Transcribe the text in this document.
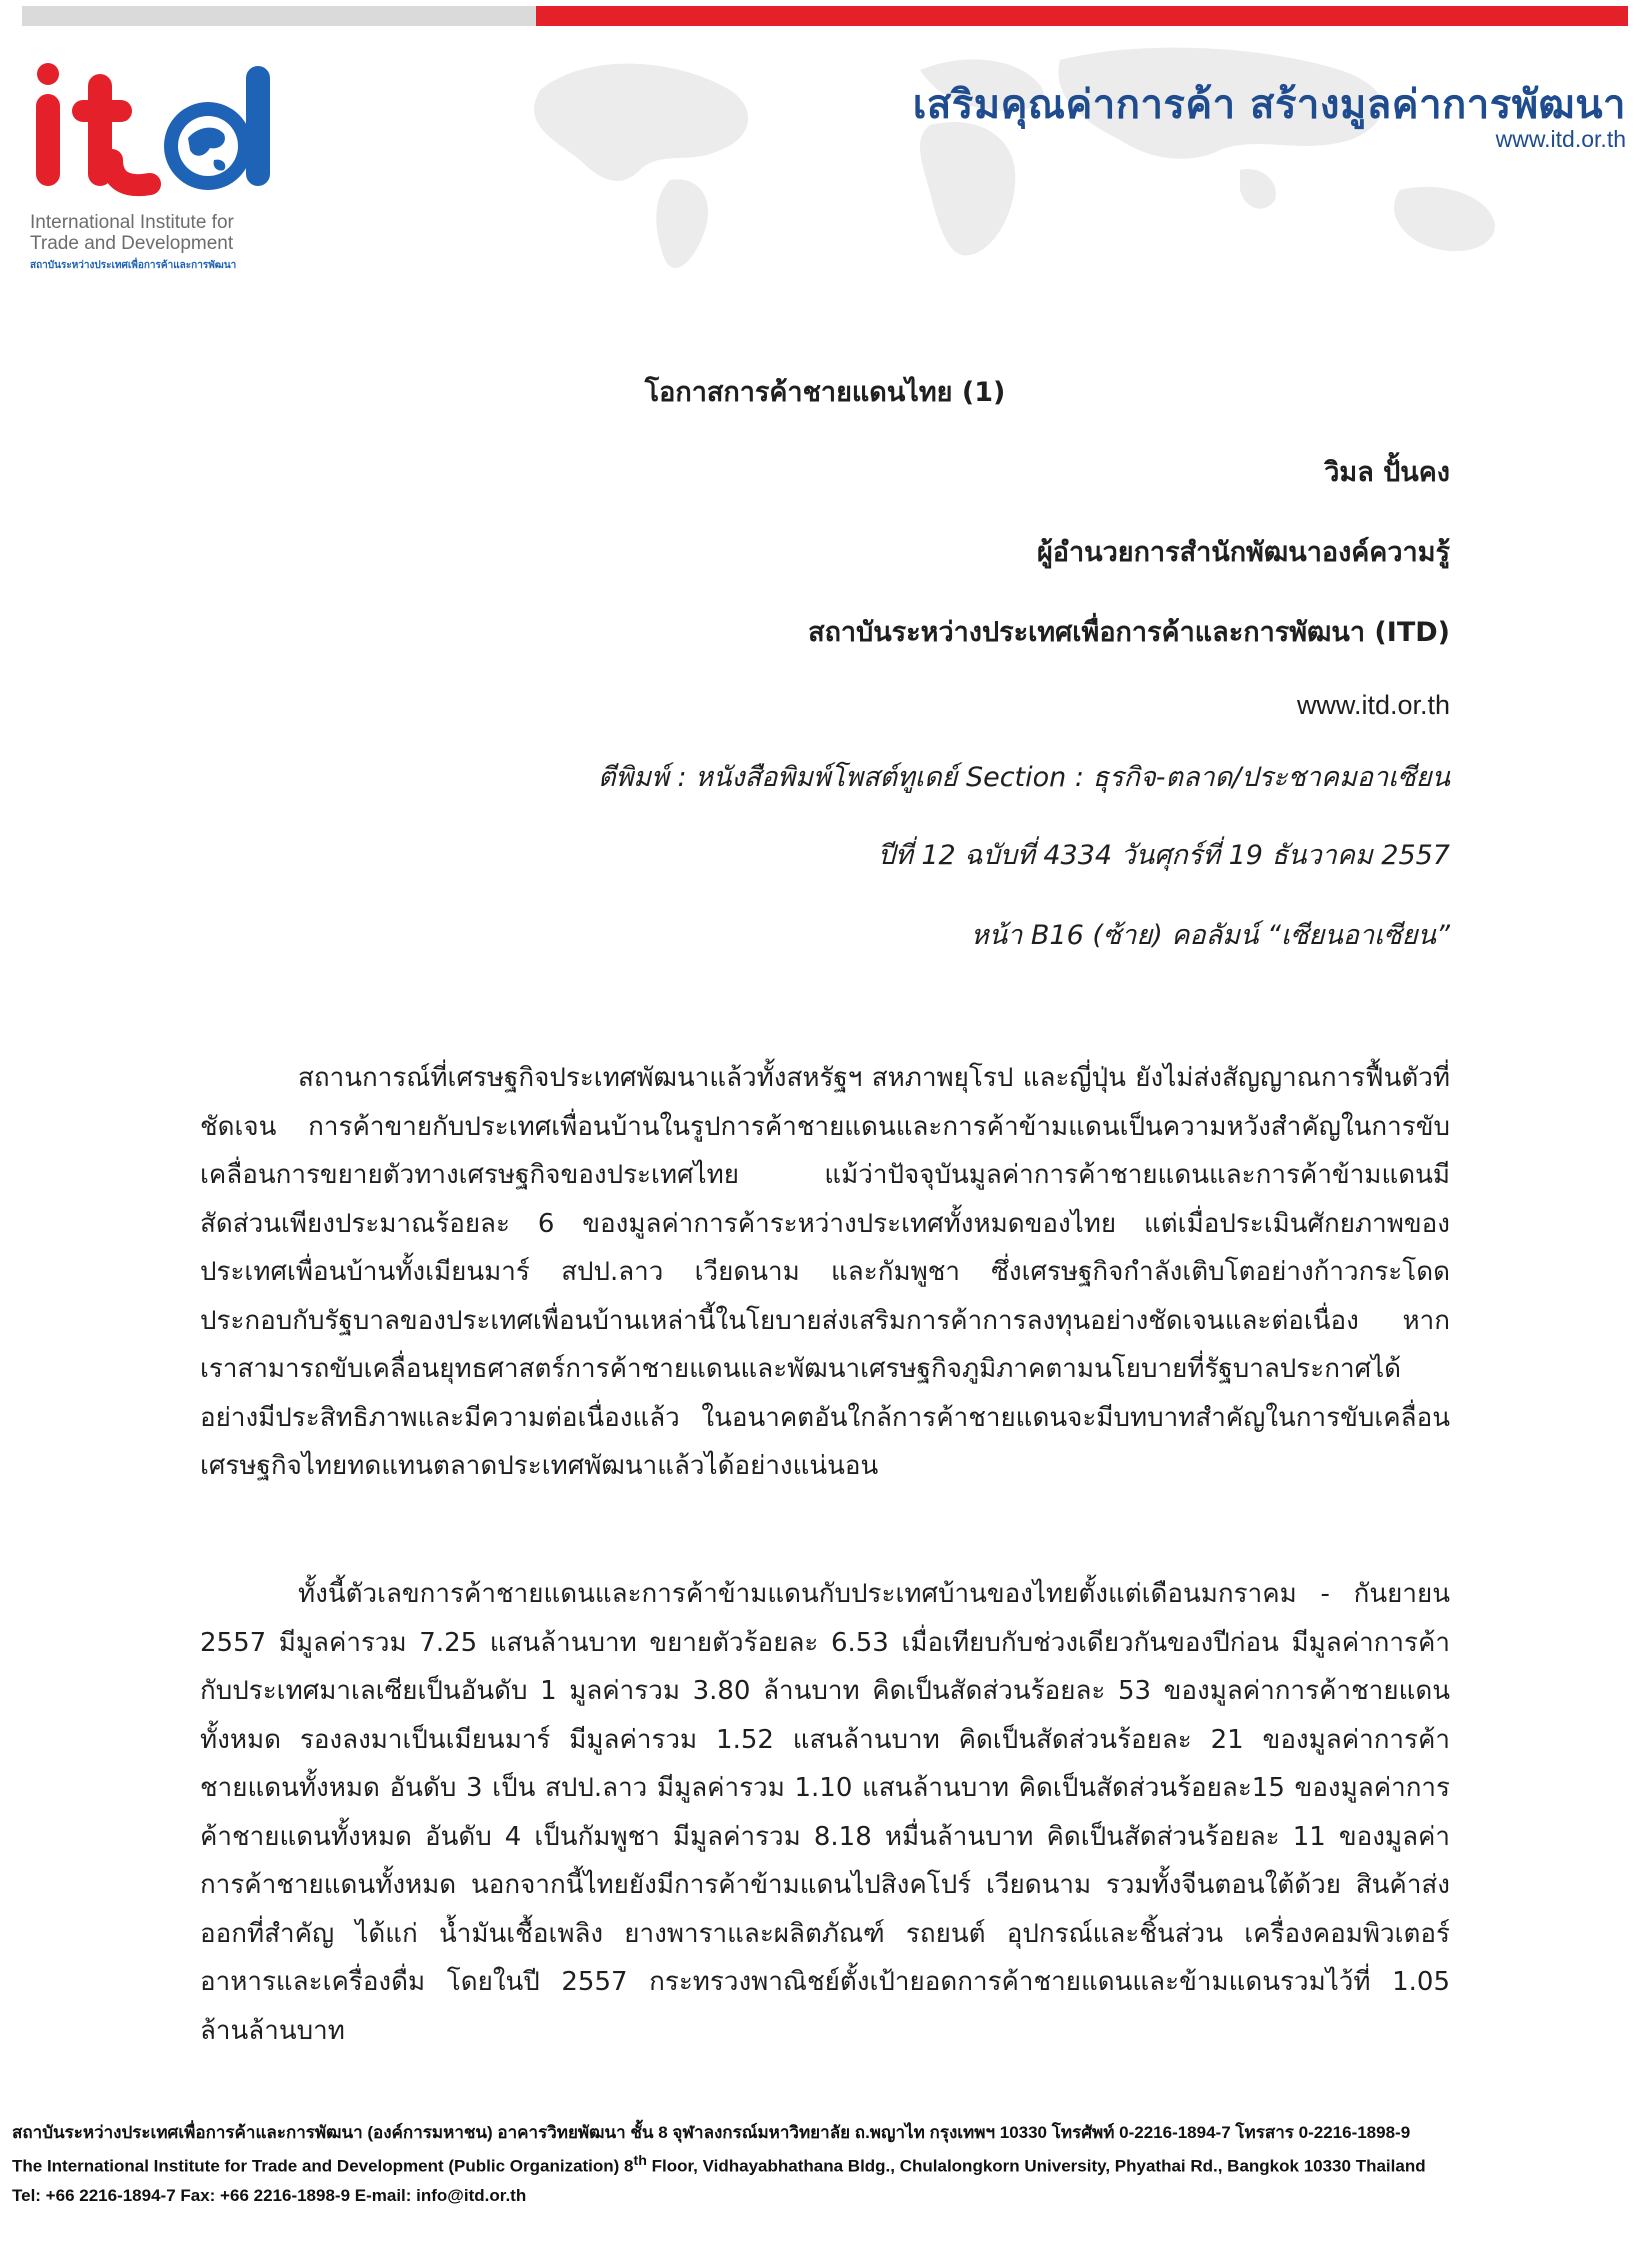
International Institute for
Trade and Development
สถาบันระหว่างประเทศเพื่อการค้าและการพัฒนา
เสริมคุณค่าการค้า สร้างมูลค่าการพัฒนา
www.itd.or.th
โอกาสการค้าชายแดนไทย (1)
วิมล ปั้นคง
ผู้อำนวยการสำนักพัฒนาองค์ความรู้
สถาบันระหว่างประเทศเพื่อการค้าและการพัฒนา (ITD)
www.itd.or.th
ตีพิมพ์ : หนังสือพิมพ์โพสต์ทูเดย์ Section : ธุรกิจ-ตลาด/ประชาคมอาเซียน
ปีที่ 12 ฉบับที่ 4334 วันศุกร์ที่ 19 ธันวาคม 2557
หน้า B16 (ซ้าย) คอลัมน์ “เซียนอาเซียน”
สถานการณ์ที่เศรษฐกิจประเทศพัฒนาแล้วทั้งสหรัฐฯ สหภาพยุโรป และญี่ปุ่น ยังไม่ส่งสัญญาณการฟื้นตัวที่ชัดเจน การค้าขายกับประเทศเพื่อนบ้านในรูปการค้าชายแดนและการค้าข้ามแดนเป็นความหวังสำคัญในการขับเคลื่อนการขยายตัวทางเศรษฐกิจของประเทศไทย แม้ว่าปัจจุบันมูลค่าการค้าชายแดนและการค้าข้ามแดนมีสัดส่วนเพียงประมาณร้อยละ 6 ของมูลค่าการค้าระหว่างประเทศทั้งหมดของไทย แต่เมื่อประเมินศักยภาพของประเทศเพื่อนบ้านทั้งเมียนมาร์ สปป.ลาว เวียดนาม และกัมพูชา ซึ่งเศรษฐกิจกำลังเติบโตอย่างก้าวกระโดด ประกอบกับรัฐบาลของประเทศเพื่อนบ้านเหล่านี้ในโยบายส่งเสริมการค้าการลงทุนอย่างชัดเจนและต่อเนื่อง หากเราสามารถขับเคลื่อนยุทธศาสตร์การค้าชายแดนและพัฒนาเศรษฐกิจภูมิภาคตามนโยบายที่รัฐบาลประกาศได้อย่างมีประสิทธิภาพและมีความต่อเนื่องแล้ว ในอนาคตอันใกล้การค้าชายแดนจะมีบทบาทสำคัญในการขับเคลื่อนเศรษฐกิจไทยทดแทนตลาดประเทศพัฒนาแล้วได้อย่างแน่นอน
ทั้งนี้ตัวเลขการค้าชายแดนและการค้าข้ามแดนกับประเทศบ้านของไทยตั้งแต่เดือนมกราคม - กันยายน 2557 มีมูลค่ารวม 7.25 แสนล้านบาท ขยายตัวร้อยละ 6.53 เมื่อเทียบกับช่วงเดียวกันของปีก่อน มีมูลค่าการค้ากับประเทศมาเลเซียเป็นอันดับ 1 มูลค่ารวม 3.80 ล้านบาท คิดเป็นสัดส่วนร้อยละ 53 ของมูลค่าการค้าชายแดนทั้งหมด รองลงมาเป็นเมียนมาร์ มีมูลค่ารวม 1.52 แสนล้านบาท คิดเป็นสัดส่วนร้อยละ 21 ของมูลค่าการค้าชายแดนทั้งหมด อันดับ 3 เป็น สปป.ลาว มีมูลค่ารวม 1.10 แสนล้านบาท คิดเป็นสัดส่วนร้อยละ15 ของมูลค่าการค้าชายแดนทั้งหมด อันดับ 4 เป็นกัมพูชา มีมูลค่ารวม 8.18 หมื่นล้านบาท คิดเป็นสัดส่วนร้อยละ 11 ของมูลค่าการค้าชายแดนทั้งหมด นอกจากนี้ไทยยังมีการค้าข้ามแดนไปสิงคโปร์ เวียดนาม รวมทั้งจีนตอนใต้ด้วย สินค้าส่งออกที่สำคัญ ได้แก่ น้ำมันเชื้อเพลิง ยางพาราและผลิตภัณฑ์ รถยนต์ อุปกรณ์และชิ้นส่วน เครื่องคอมพิวเตอร์ อาหารและเครื่องดื่ม โดยในปี 2557 กระทรวงพาณิชย์ตั้งเป้ายอดการค้าชายแดนและข้ามแดนรวมไว้ที่ 1.05 ล้านล้านบาท
สถาบันระหว่างประเทศเพื่อการค้าและการพัฒนา (องค์การมหาชน) อาคารวิทยพัฒนา ชั้น 8 จุฬาลงกรณ์มหาวิทยาลัย ถ.พญาไท กรุงเทพฯ 10330 โทรศัพท์ 0-2216-1894-7 โทรสาร 0-2216-1898-9
The International Institute for Trade and Development (Public Organization) 8th Floor, Vidhayabhathana Bldg., Chulalongkorn University, Phyathai Rd., Bangkok 10330 Thailand
Tel: +66 2216-1894-7 Fax: +66 2216-1898-9 E-mail: info@itd.or.th
